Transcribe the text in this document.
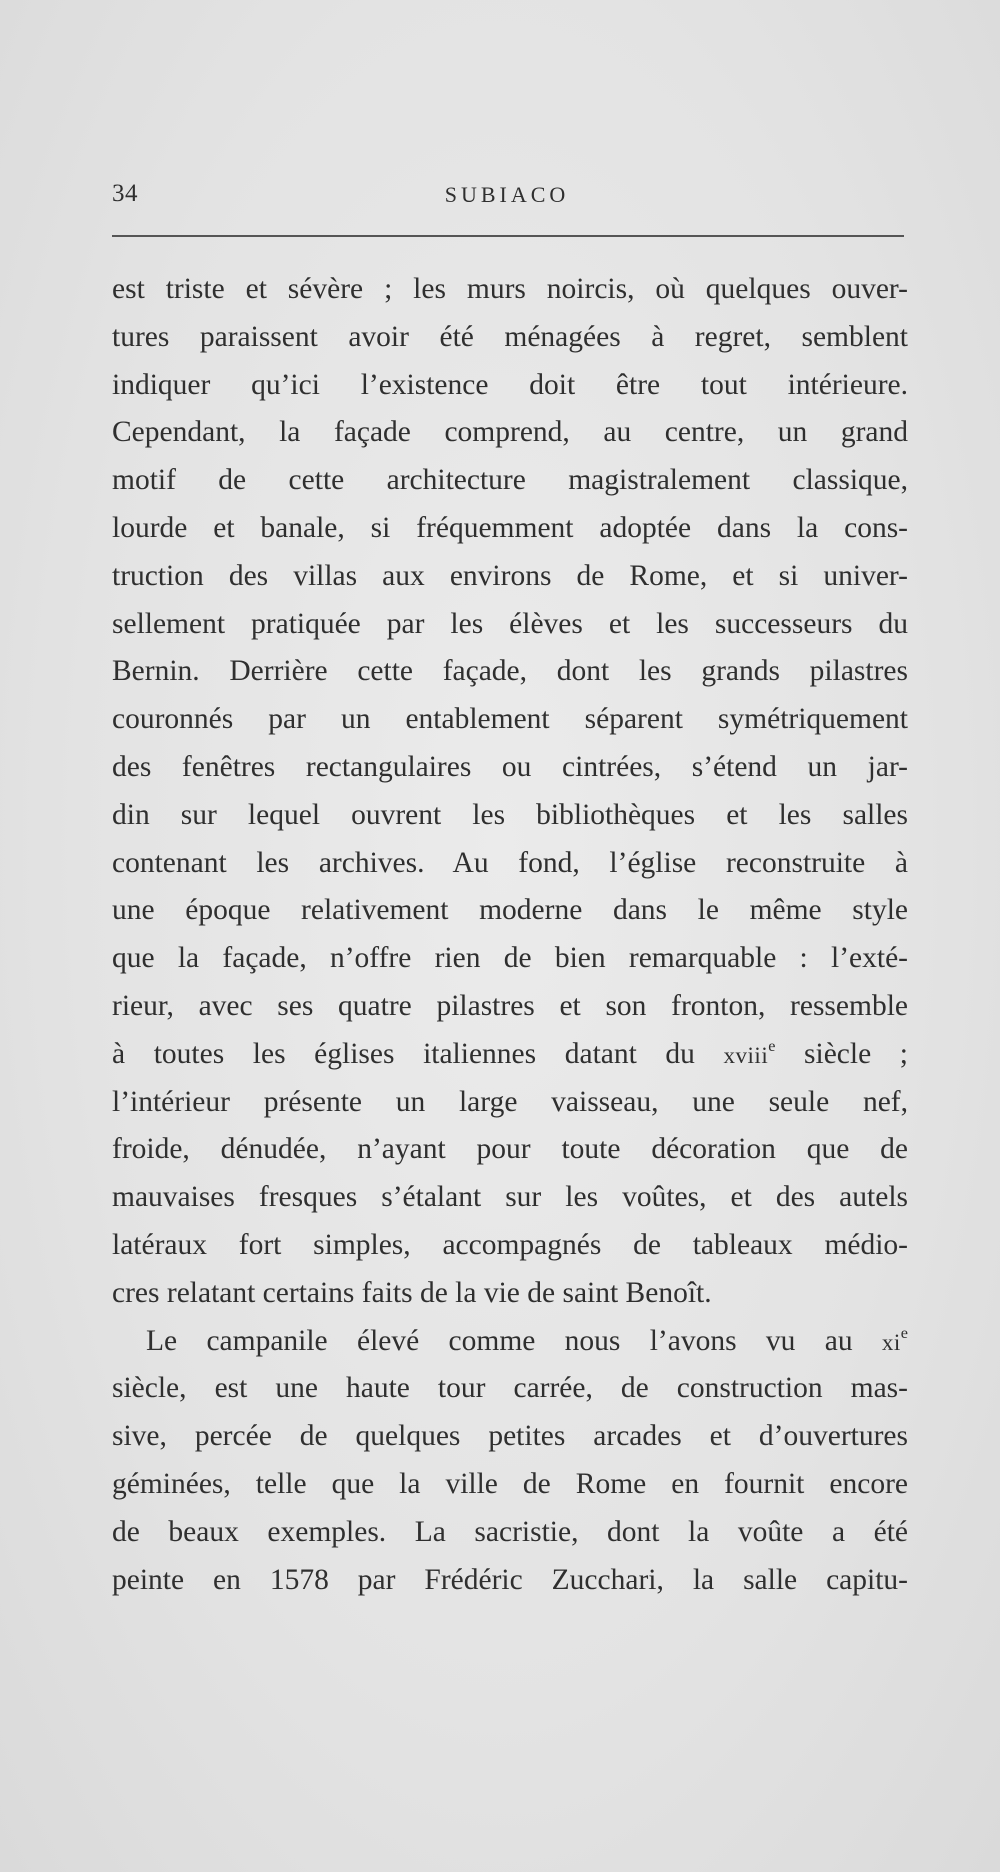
34	SUBIACO
est triste et sévère ; les murs noircis, où quelques ouver-
tures paraissent avoir été ménagées à regret, semblent
indiquer qu’ici l’existence doit être tout intérieure.
Cependant, la façade comprend, au centre, un grand
motif de cette architecture magistralement classique,
lourde et banale, si fréquemment adoptée dans la cons-
truction des villas aux environs de Rome, et si univer-
sellement pratiquée par les élèves et les successeurs du
Bernin. Derrière cette façade, dont les grands pilastres
couronnés par un entablement séparent symétriquement
des fenêtres rectangulaires ou cintrées, s’étend un jar-
din sur lequel ouvrent les bibliothèques et les salles
contenant les archives. Au fond, l’église reconstruite à
une époque relativement moderne dans le même style
que la façade, n’offre rien de bien remarquable : l’exté-
rieur, avec ses quatre pilastres et son fronton, ressemble
à toutes les églises italiennes datant du xviii$^e$ siècle ;
l’intérieur présente un large vaisseau, une seule nef,
froide, dénudée, n’ayant pour toute décoration que de
mauvaises fresques s’étalant sur les voûtes, et des autels
latéraux fort simples, accompagnés de tableaux médio-
cres relatant certains faits de la vie de saint Benoît.
Le campanile élevé comme nous l’avons vu au $xi^e$
siècle, est une haute tour carrée, de construction mas-
sive, percée de quelques petites arcades et d’ouvertures
géminées, telle que la ville de Rome en fournit encore
de beaux exemples. La sacristie, dont la voûte a été
peinte en 1578 par Frédéric Zucchari, la salle capitu-
